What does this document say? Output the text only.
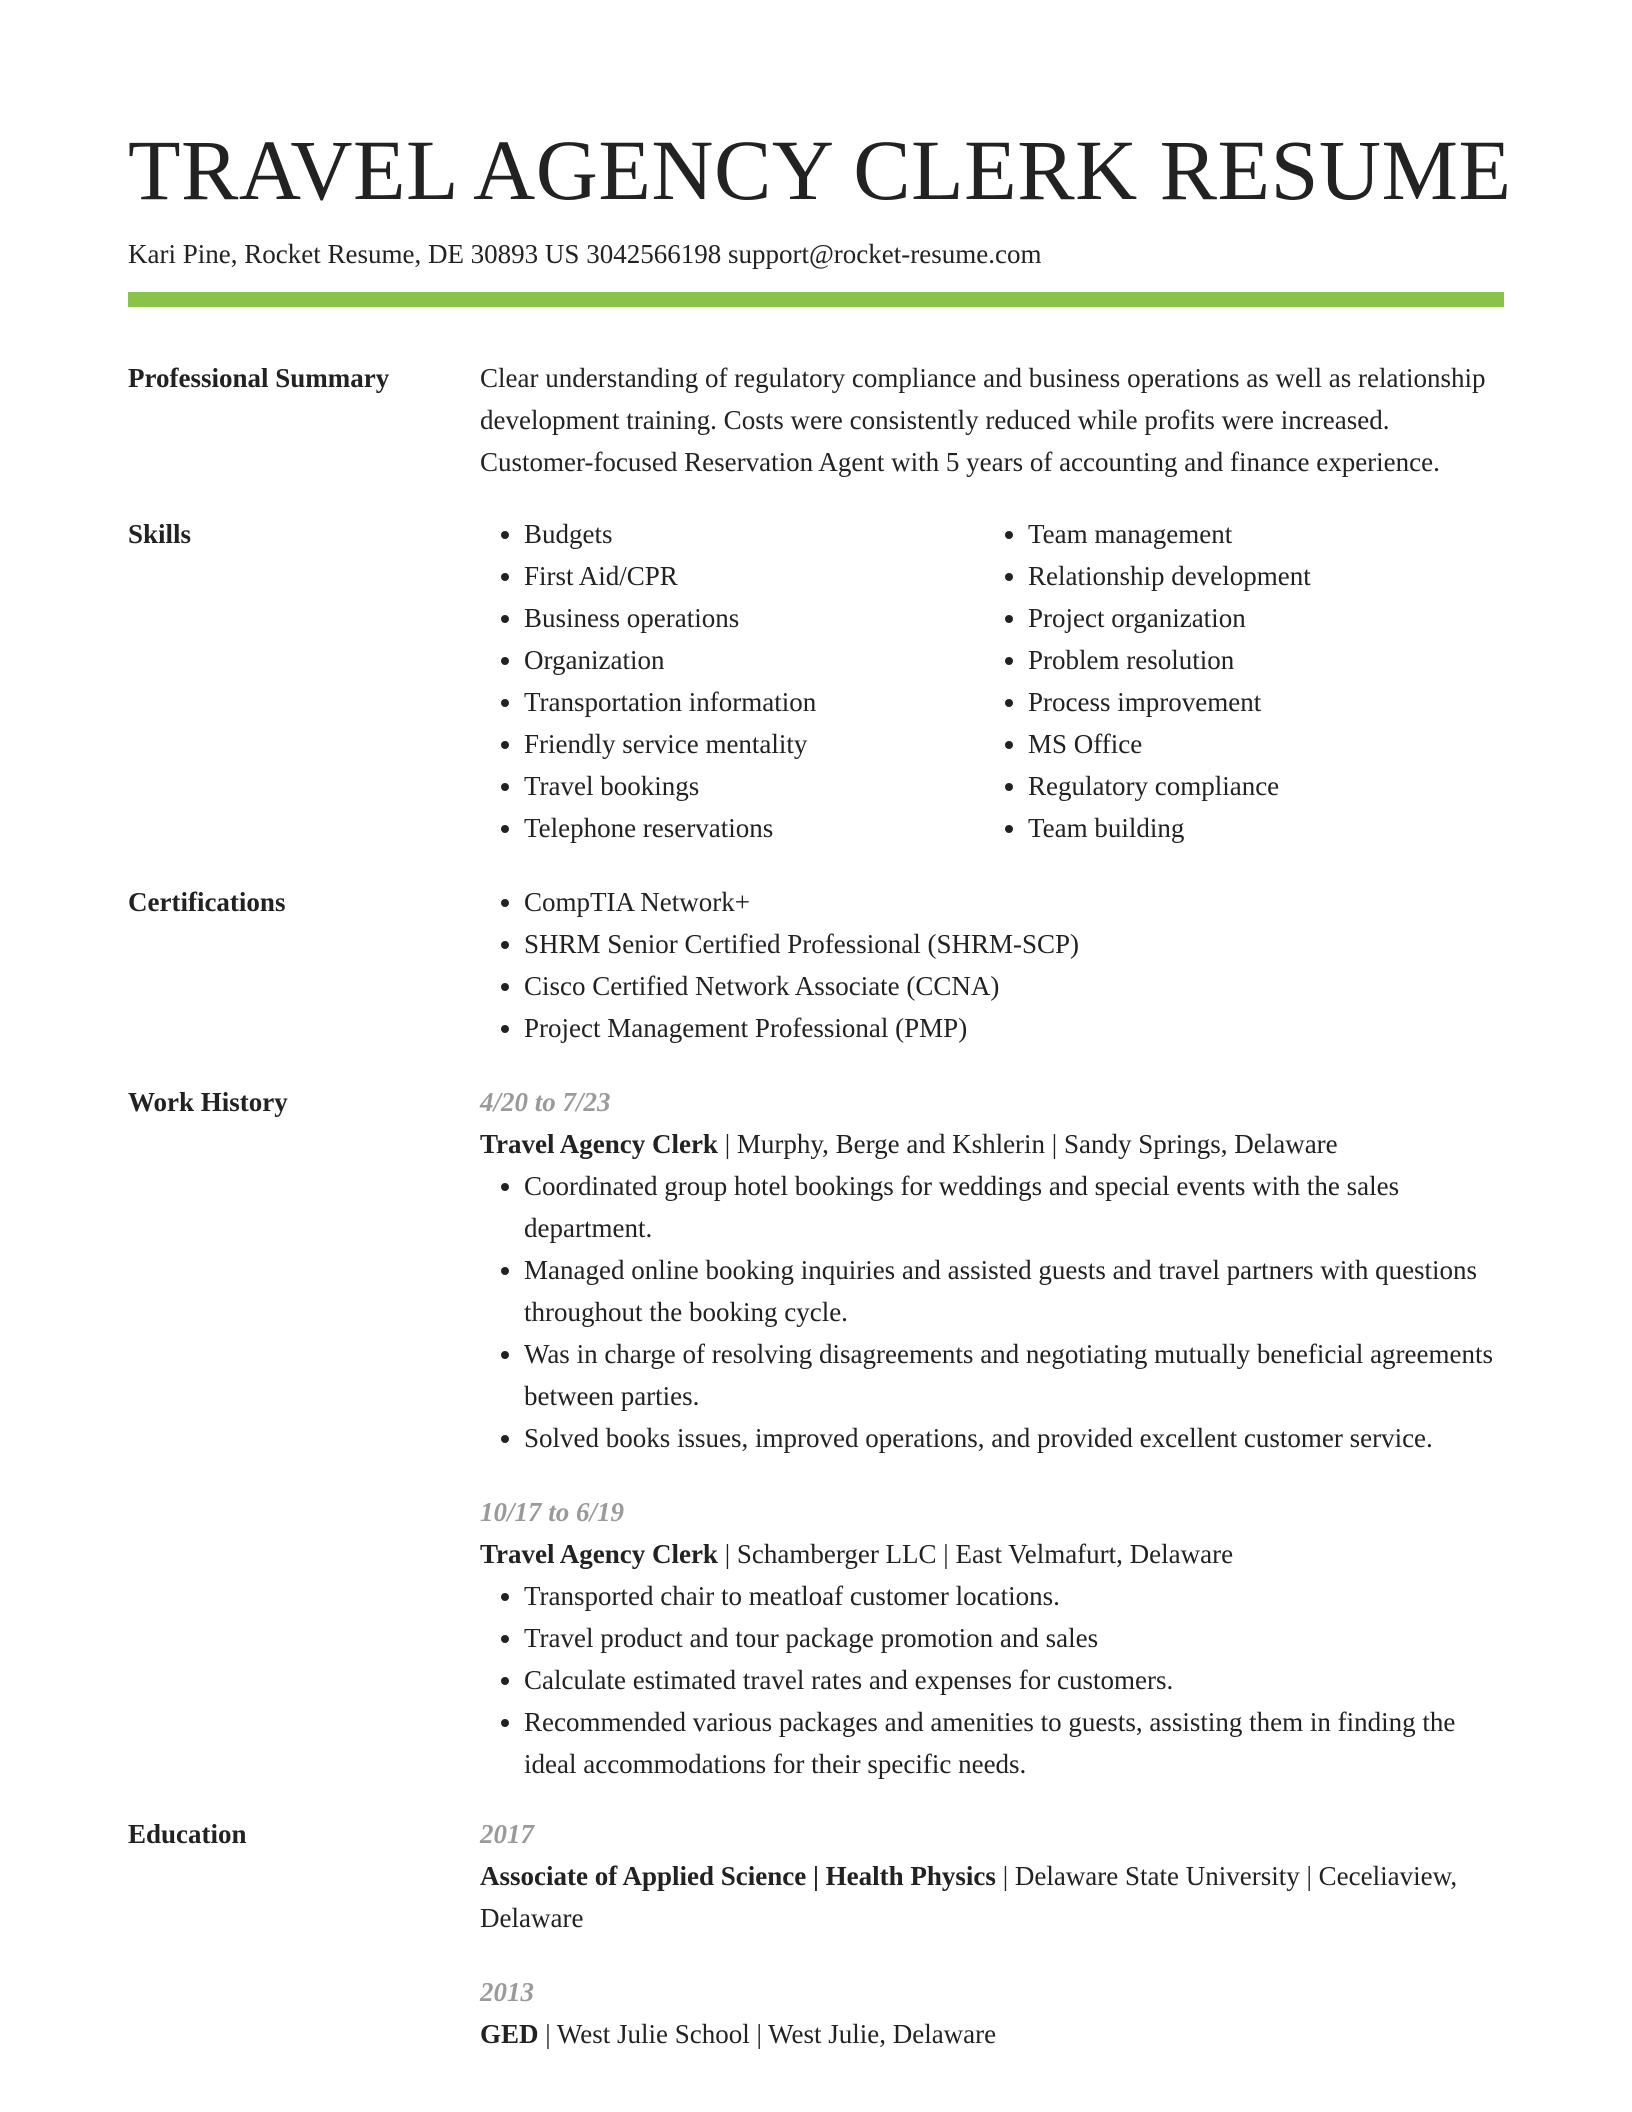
TRAVEL AGENCY CLERK RESUME
Kari Pine, Rocket Resume, DE 30893 US 3042566198 support@rocket-resume.com
Professional Summary	Clear understanding of regulatory compliance and business operations as well as relationship development training. Costs were consistently reduced while profits were increased. Customer-focused Reservation Agent with 5 years of accounting and finance experience.
Skills	• Budgets
• First Aid/CPR
• Business operations
• Organization
• Transportation information
• Friendly service mentality
• Travel bookings
• Telephone reservations
• Team management
• Relationship development
• Project organization
• Problem resolution
• Process improvement
• MS Office
• Regulatory compliance
• Team building
Certifications	• CompTIA Network+
• SHRM Senior Certified Professional (SHRM-SCP)
• Cisco Certified Network Associate (CCNA)
• Project Management Professional (PMP)
Work History	4/20 to 7/23
Travel Agency Clerk | Murphy, Berge and Kshlerin | Sandy Springs, Delaware
• Coordinated group hotel bookings for weddings and special events with the sales department.
• Managed online booking inquiries and assisted guests and travel partners with questions throughout the booking cycle.
• Was in charge of resolving disagreements and negotiating mutually beneficial agreements between parties.
• Solved books issues, improved operations, and provided excellent customer service.
10/17 to 6/19
Travel Agency Clerk | Schamberger LLC | East Velmafurt, Delaware
• Transported chair to meatloaf customer locations.
• Travel product and tour package promotion and sales
• Calculate estimated travel rates and expenses for customers.
• Recommended various packages and amenities to guests, assisting them in finding the ideal accommodations for their specific needs.
Education	2017
Associate of Applied Science | Health Physics | Delaware State University | Ceceliaview, Delaware
2013
GED | West Julie School | West Julie, Delaware
